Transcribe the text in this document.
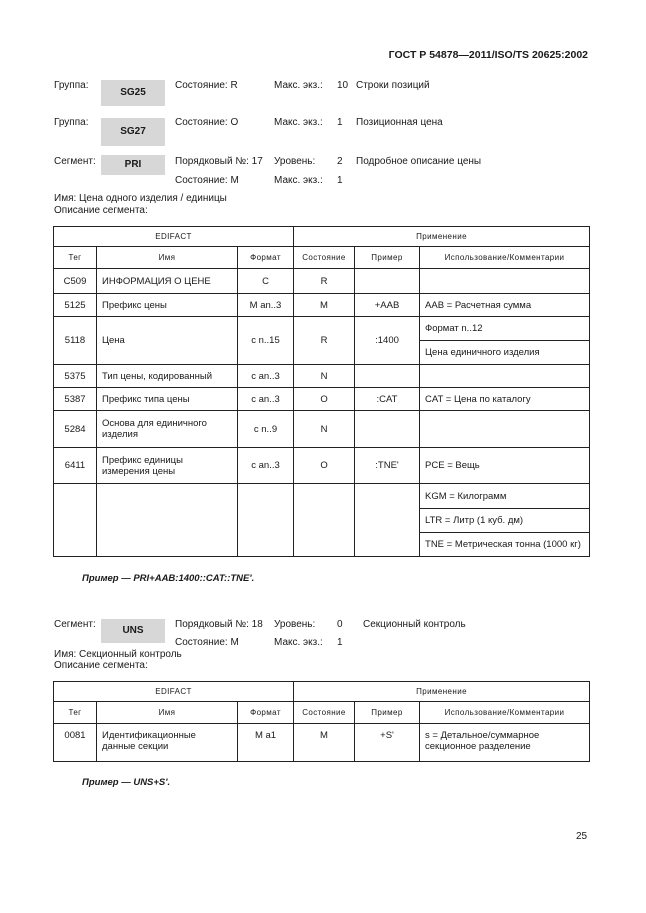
ГОСТ Р 54878—2011/ISO/TS 20625:2002
Группа:
SG25
Состояние: R	Макс. экз.: 10 Строки позиций
Группа:
SG27
Состояние: O	Макс. экз.: 1 Позиционная цена
Сегмент:	PRI	Порядковый №: 17 Уровень: 2 Подробное описание цены
Состояние: M	Макс. экз.: 1
Имя: Цена одного изделия / единицы
Описание сегмента:
EDIFACT			Применение		
Тег	Имя	Формат	Состояние	Пример	Использование/Комментарии
C509	ИНФОРМАЦИЯ О ЦЕНЕ	C	R		
5125	Префикс цены	M an..3	M	+AAB	AAB = Расчетная сумма
5118	Цена	c n..15	R	:1400	Формат n..12
					Цена единичного изделия
5375	Тип цены, кодированный	c an..3	N		
5387	Префикс типа цены	c an..3	O	:CAT	CAT = Цена по каталогу
5284	Основа для единичного
изделия	c n..9	N		
6411	Префикс единицы
измерения цены	c an..3	O	:TNE'	PCE = Вещь
					KGM = Килограмм
					LTR = Литр (1 куб. дм)
					TNE = Метрическая тонна (1000 кг)
Пример — PRI+AAB:1400::CAT::TNE'.
Сегмент:
UNS
Порядковый №: 18 Уровень: 0 Секционный контроль
Состояние: M	Макс. экз.: 1
Имя: Секционный контроль
Описание сегмента:
EDIFACT			Применение		
Тег	Имя	Формат	Состояние	Пример	Использование/Комментарии
0081	Идентификационные
данные секции	M a1	M	+S'	s = Детальное/суммарное
секционное разделение
Пример — UNS+S'.
25
